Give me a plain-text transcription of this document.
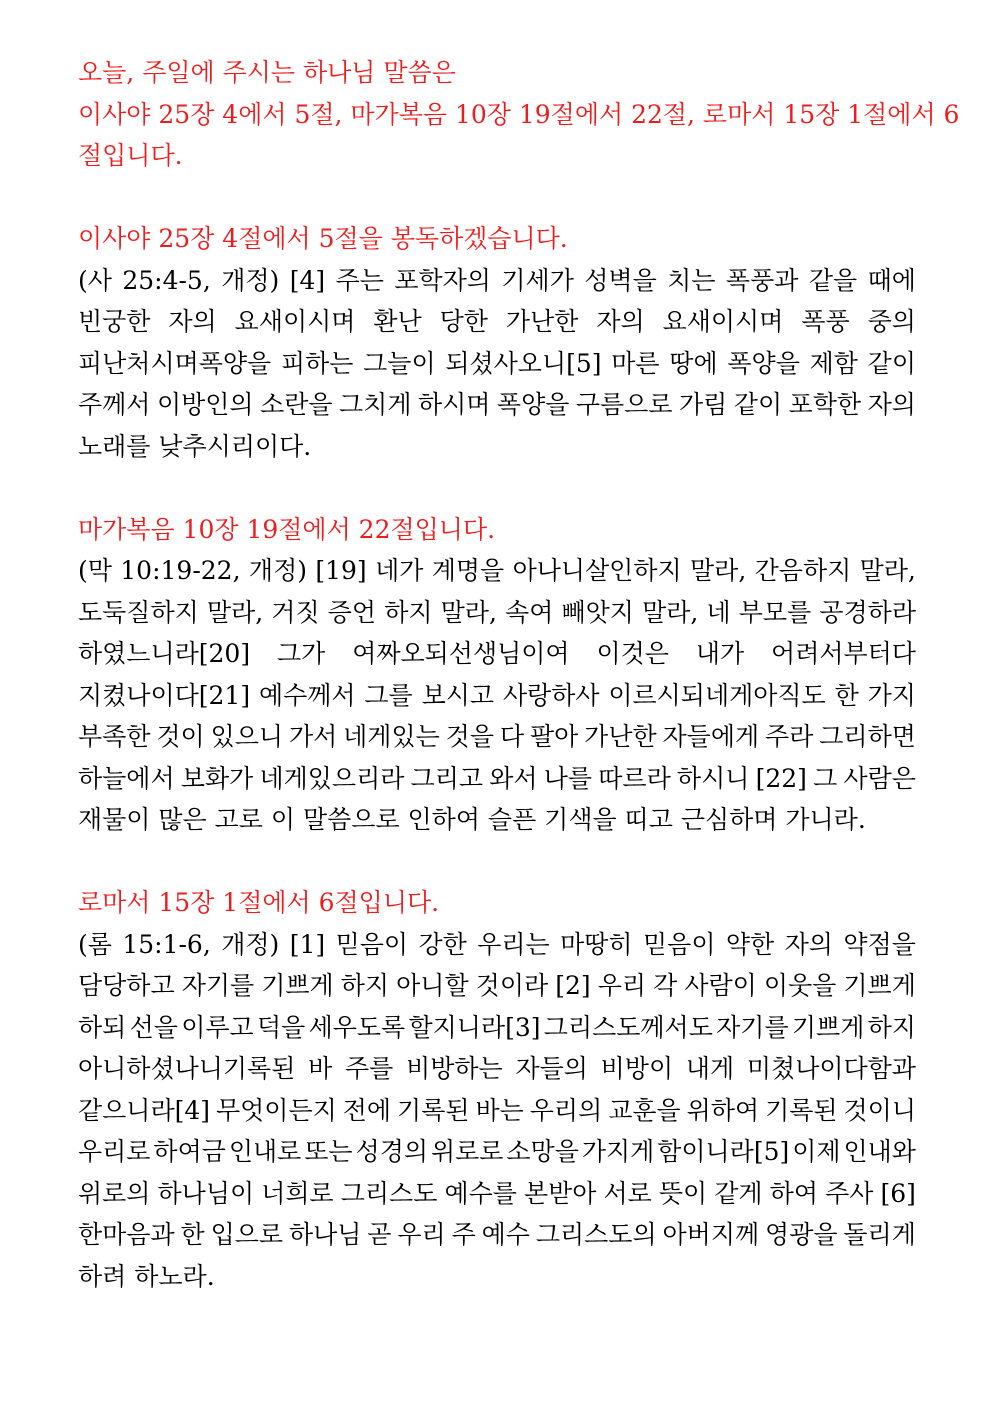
오늘, 주일에 주시는 하나님 말씀은
이사야 25장 4에서 5절, 마가복음 10장 19절에서 22절, 로마서 15장 1절에서 6
절입니다.
이사야 25장 4절에서 5절을 봉독하겠습니다.
(사 25:4-5, 개정) [4] 주는 포학자의 기세가 성벽을 치는 폭풍과 같을 때에
빈궁한 자의 요새이시며 환난 당한 가난한 자의 요새이시며 폭풍 중의
피난처시며폭양을 피하는 그늘이 되셨사오니[5] 마른 땅에 폭양을 제함 같이
주께서 이방인의 소란을 그치게 하시며 폭양을 구름으로 가림 같이 포학한 자의
노래를 낮추시리이다.
마가복음 10장 19절에서 22절입니다.
(막 10:19-22, 개정) [19] 네가 계명을 아나니살인하지 말라, 간음하지 말라,
도둑질하지 말라, 거짓 증언 하지 말라, 속여 빼앗지 말라, 네 부모를 공경하라
하였느니라[20] 그가 여짜오되선생님이여 이것은 내가 어려서부터다
지켰나이다[21] 예수께서 그를 보시고 사랑하사 이르시되네게아직도 한 가지
부족한 것이 있으니 가서 네게있는 것을 다 팔아 가난한 자들에게 주라 그리하면
하늘에서 보화가 네게있으리라 그리고 와서 나를 따르라 하시니 [22] 그 사람은
재물이 많은 고로 이 말씀으로 인하여 슬픈 기색을 띠고 근심하며 가니라.
로마서 15장 1절에서 6절입니다.
(롬 15:1-6, 개정) [1] 믿음이 강한 우리는 마땅히 믿음이 약한 자의 약점을
담당하고 자기를 기쁘게 하지 아니할 것이라 [2] 우리 각 사람이 이웃을 기쁘게
하되 선을 이루고 덕을 세우도록 할지니라[3] 그리스도께서도 자기를 기쁘게 하지
아니하셨나니기록된 바 주를 비방하는 자들의 비방이 내게 미쳤나이다함과
같으니라[4] 무엇이든지 전에 기록된 바는 우리의 교훈을 위하여 기록된 것이니
우리로 하여금 인내로 또는 성경의 위로로 소망을 가지게 함이니라[5] 이제 인내와
위로의 하나님이 너희로 그리스도 예수를 본받아 서로 뜻이 같게 하여 주사 [6]
한마음과 한 입으로 하나님 곧 우리 주 예수 그리스도의 아버지께 영광을 돌리게
하려 하노라.
